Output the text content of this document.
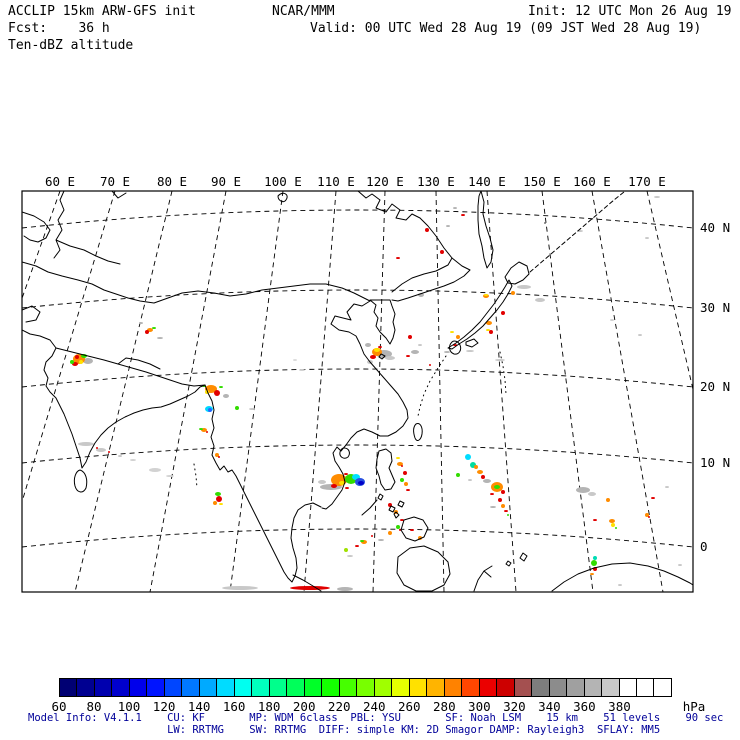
ACCLIP 15km ARW-GFS init
Fcst:    36 h
Ten-dBZ altitude
NCAR/MMM	Init: 12 UTC Mon 26 Aug 19
Valid: 00 UTC Wed 28 Aug 19 (09 JST Wed 28 Aug 19)
60 E 70 E 80 E 90 E 100 E 110 E 120 E 130 E 140 E 150 E 160 E 170 E
40 N
30 N
20 N
10 N
0
60 80 100 120 140 160 180 200 220 240 260 280 300 320 340 360 380	hPa
Model Info: V4.1.1    CU: KF       MP: WDM 6class  PBL: YSU       SF: Noah LSM    15 km    51 levels    90 sec
LW: RRTMG    SW: RRTMG  DIFF: simple KM: 2D Smagor DAMP: Rayleigh3  SFLAY: MM5
